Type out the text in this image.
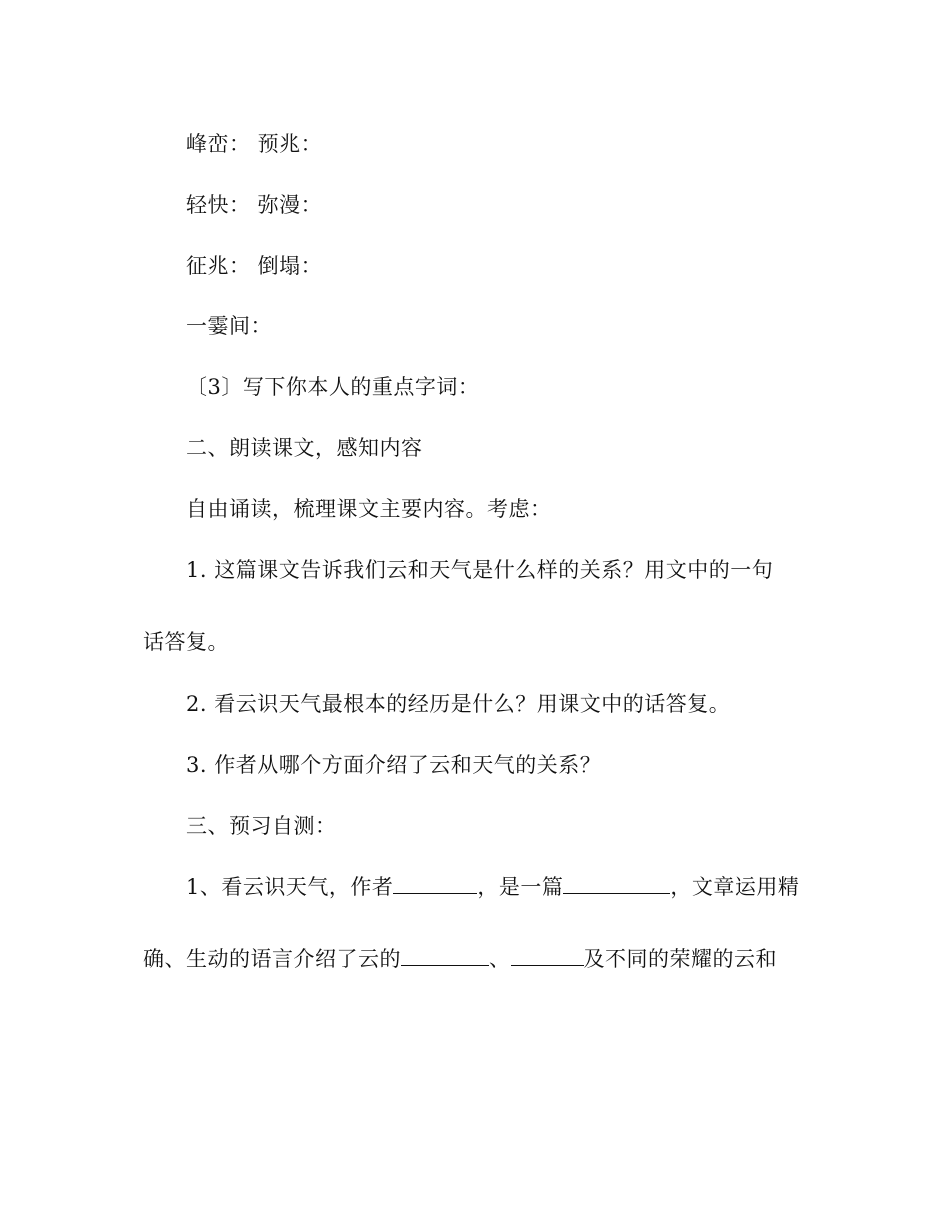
峰峦： 预兆：
轻快： 弥漫：
征兆： 倒塌：
一霎间：
〔3〕写下你本人的重点字词：
二、朗读课文，感知内容
自由诵读，梳理课文主要内容。考虑：
1. 这篇课文告诉我们云和天气是什么样的关系？用文中的一句
话答复。
2. 看云识天气最根本的经历是什么？用课文中的话答复。
3. 作者从哪个方面介绍了云和天气的关系？
三、预习自测：
1、看云识天气，作者	，是一篇	，文章运用精
确、生动的语言介绍了云的	、	及不同的荣耀的云和
